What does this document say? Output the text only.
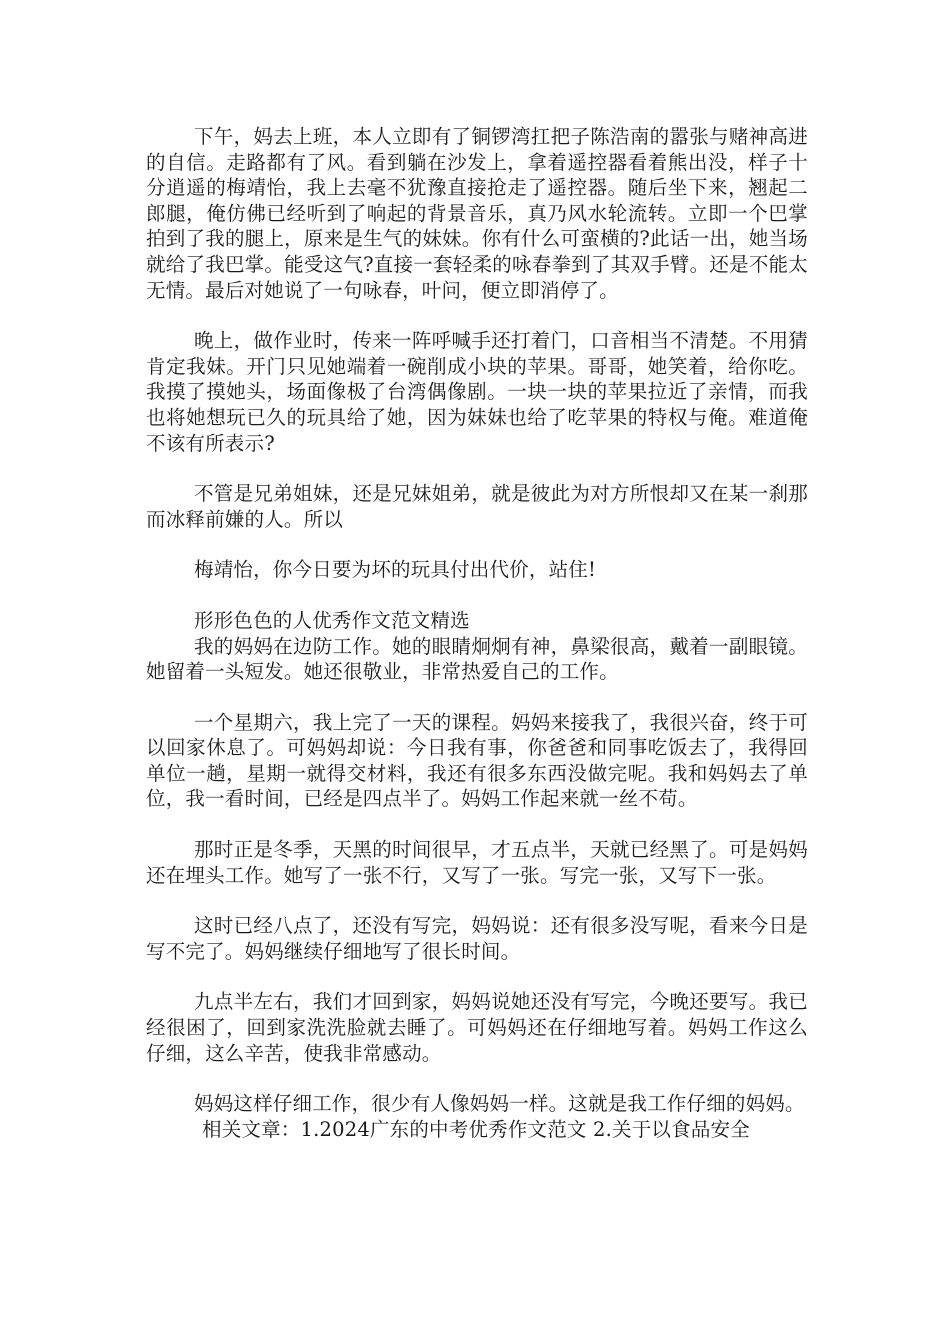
下午，妈去上班，本人立即有了铜锣湾扛把子陈浩南的嚣张与赌神高进的自信。走路都有了风。看到躺在沙发上，拿着遥控器看着熊出没，样子十分逍遥的梅靖怡，我上去毫不犹豫直接抢走了遥控器。随后坐下来，翘起二郎腿，俺仿佛已经听到了响起的背景音乐，真乃风水轮流转。立即一个巴掌拍到了我的腿上，原来是生气的妹妹。你有什么可蛮横的?此话一出，她当场就给了我巴掌。能受这气?直接一套轻柔的咏春拳到了其双手臂。还是不能太无情。最后对她说了一句咏春，叶问，便立即消停了。

晚上，做作业时，传来一阵呼喊手还打着门，口音相当不清楚。不用猜肯定我妹。开门只见她端着一碗削成小块的苹果。哥哥，她笑着，给你吃。我摸了摸她头，场面像极了台湾偶像剧。一块一块的苹果拉近了亲情，而我也将她想玩已久的玩具给了她，因为妹妹也给了吃苹果的特权与俺。难道俺不该有所表示?

不管是兄弟姐妹，还是兄妹姐弟，就是彼此为对方所恨却又在某一刹那而冰释前嫌的人。所以

梅靖怡，你今日要为坏的玩具付出代价，站住!

形形色色的人优秀作文范文精选

我的妈妈在边防工作。她的眼睛炯炯有神，鼻梁很高，戴着一副眼镜。她留着一头短发。她还很敬业，非常热爱自己的工作。

一个星期六，我上完了一天的课程。妈妈来接我了，我很兴奋，终于可以回家休息了。可妈妈却说：今日我有事，你爸爸和同事吃饭去了，我得回单位一趟，星期一就得交材料，我还有很多东西没做完呢。我和妈妈去了单位，我一看时间，已经是四点半了。妈妈工作起来就一丝不苟。

那时正是冬季，天黑的时间很早，才五点半，天就已经黑了。可是妈妈还在埋头工作。她写了一张不行，又写了一张。写完一张，又写下一张。

这时已经八点了，还没有写完，妈妈说：还有很多没写呢，看来今日是写不完了。妈妈继续仔细地写了很长时间。

九点半左右，我们才回到家，妈妈说她还没有写完，今晚还要写。我已经很困了，回到家洗洗脸就去睡了。可妈妈还在仔细地写着。妈妈工作这么仔细，这么辛苦，使我非常感动。

妈妈这样仔细工作，很少有人像妈妈一样。这就是我工作仔细的妈妈。

相关文章：1.2024广东的中考优秀作文范文 2.关于以食品安全
